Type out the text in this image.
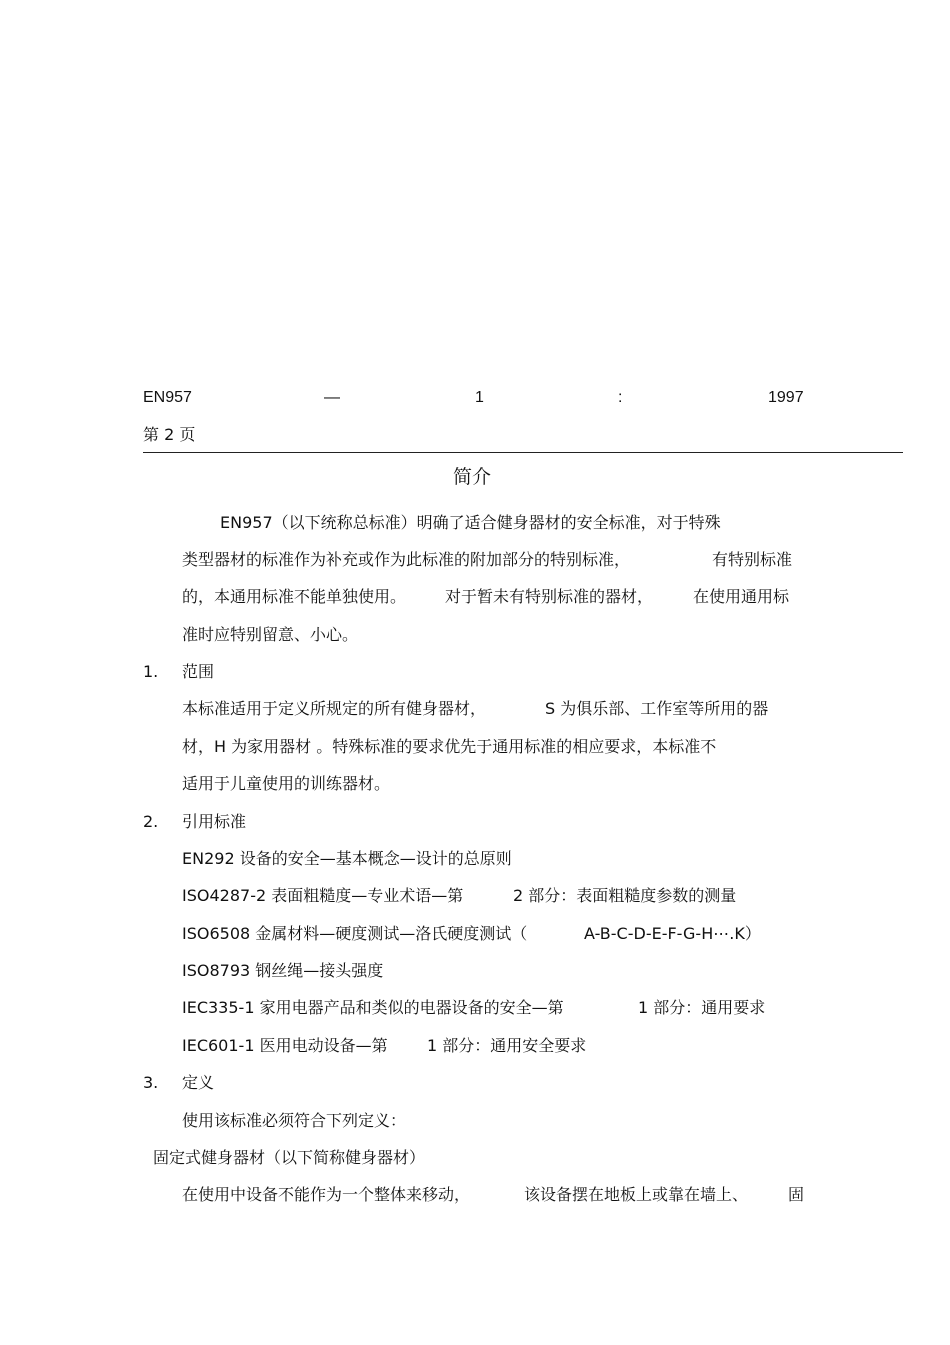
EN957	—	1	:	1997
第 2 页
简介
EN957（以下统称总标准）明确了适合健身器材的安全标准，对于特殊
类型器材的标准作为补充或作为此标准的附加部分的特别标准，	有特别标准
的，本通用标准不能单独使用。 对于暂未有特别标准的器材， 在使用通用标
准时应特别留意、小心。
1. 范围
本标准适用于定义所规定的所有健身器材，	S 为俱乐部、工作室等所用的器
材，H 为家用器材 。特殊标准的要求优先于通用标准的相应要求，本标准不
适用于儿童使用的训练器材。
2. 引用标准
EN292 设备的安全—基本概念—设计的总原则
ISO4287-2 表面粗糙度—专业术语—第	2 部分：表面粗糙度参数的测量
ISO6508 金属材料—硬度测试—洛氏硬度测试（	A-B-C-D-E-F-G-H⋯.K）
ISO8793 钢丝绳—接头强度
IEC335-1 家用电器产品和类似的电器设备的安全—第	1 部分：通用要求
IEC601-1 医用电动设备—第 1 部分：通用安全要求
3. 定义
使用该标准必须符合下列定义：
固定式健身器材（以下简称健身器材）
在使用中设备不能作为一个整体来移动，	该设备摆在地板上或靠在墙上、 固
